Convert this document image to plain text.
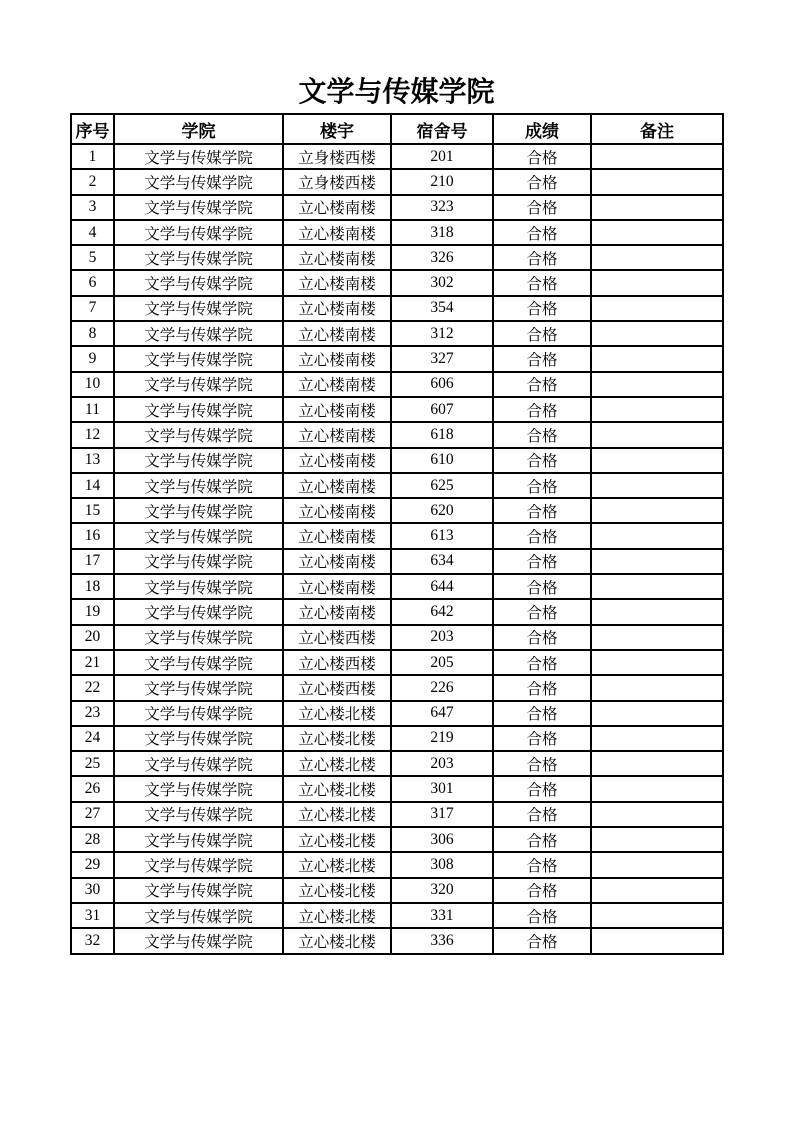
文学与传媒学院
序号	学院	楼宇	宿舍号	成绩	备注
1	文学与传媒学院	立身楼西楼	201	合格	
2	文学与传媒学院	立身楼西楼	210	合格	
3	文学与传媒学院	立心楼南楼	323	合格	
4	文学与传媒学院	立心楼南楼	318	合格	
5	文学与传媒学院	立心楼南楼	326	合格	
6	文学与传媒学院	立心楼南楼	302	合格	
7	文学与传媒学院	立心楼南楼	354	合格	
8	文学与传媒学院	立心楼南楼	312	合格	
9	文学与传媒学院	立心楼南楼	327	合格	
10	文学与传媒学院	立心楼南楼	606	合格	
11	文学与传媒学院	立心楼南楼	607	合格	
12	文学与传媒学院	立心楼南楼	618	合格	
13	文学与传媒学院	立心楼南楼	610	合格	
14	文学与传媒学院	立心楼南楼	625	合格	
15	文学与传媒学院	立心楼南楼	620	合格	
16	文学与传媒学院	立心楼南楼	613	合格	
17	文学与传媒学院	立心楼南楼	634	合格	
18	文学与传媒学院	立心楼南楼	644	合格	
19	文学与传媒学院	立心楼南楼	642	合格	
20	文学与传媒学院	立心楼西楼	203	合格	
21	文学与传媒学院	立心楼西楼	205	合格	
22	文学与传媒学院	立心楼西楼	226	合格	
23	文学与传媒学院	立心楼北楼	647	合格	
24	文学与传媒学院	立心楼北楼	219	合格	
25	文学与传媒学院	立心楼北楼	203	合格	
26	文学与传媒学院	立心楼北楼	301	合格	
27	文学与传媒学院	立心楼北楼	317	合格	
28	文学与传媒学院	立心楼北楼	306	合格	
29	文学与传媒学院	立心楼北楼	308	合格	
30	文学与传媒学院	立心楼北楼	320	合格	
31	文学与传媒学院	立心楼北楼	331	合格	
32	文学与传媒学院	立心楼北楼	336	合格	
